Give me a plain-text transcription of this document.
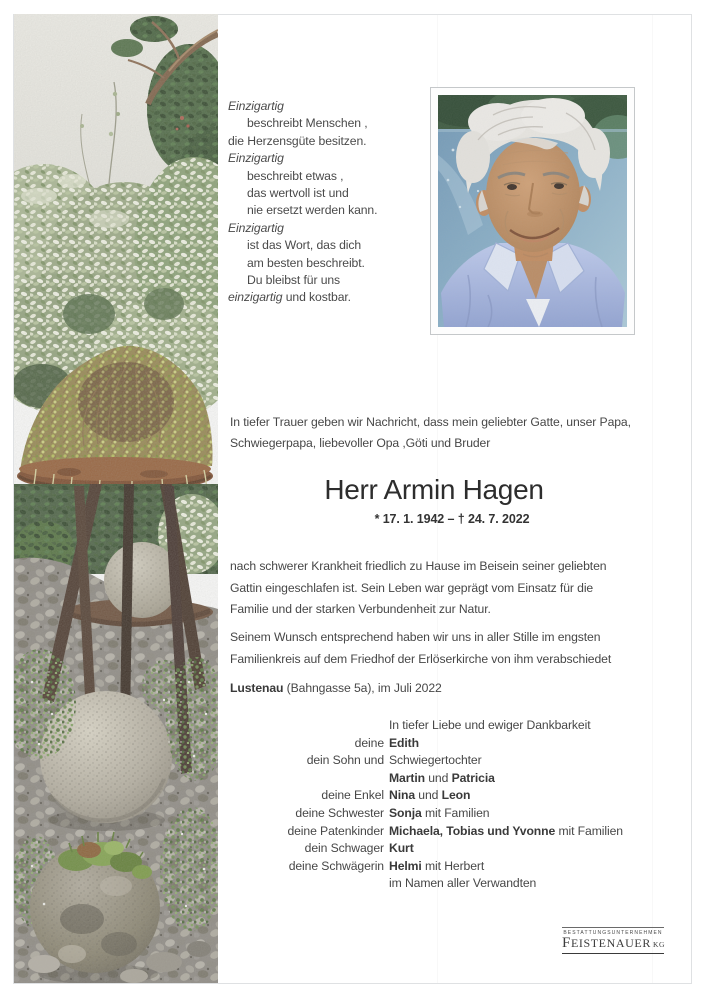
Einzigartig
beschreibt Menschen ,
die Herzensgüte besitzen.
Einzigartig
beschreibt etwas ,
das wertvoll ist und
nie ersetzt werden kann.
Einzigartig
ist das Wort, das dich
am besten beschreibt.
Du bleibst für uns
einzigartig und kostbar.
In tiefer Trauer geben wir Nachricht, dass mein geliebter Gatte, unser Papa,
Schwiegerpapa, liebevoller Opa ,Göti und Bruder
Herr Armin Hagen
* 17. 1. 1942 – † 24. 7. 2022
nach schwerer Krankheit friedlich zu Hause im Beisein seiner geliebten
Gattin eingeschlafen ist. Sein Leben war geprägt vom Einsatz für die
Familie und der starken Verbundenheit zur Natur.
Seinem Wunsch entsprechend haben wir uns in aller Stille im engsten
Familienkreis auf dem Friedhof der Erlöserkirche von ihm verabschiedet
Lustenau (Bahngasse 5a), im Juli 2022
In tiefer Liebe und ewiger Dankbarkeit
deine Edith
dein Sohn und Schwiegertochter
Martin und Patricia
deine Enkel Nina und Leon
deine Schwester Sonja mit Familien
deine Patenkinder Michaela, Tobias und Yvonne mit Familien
dein Schwager Kurt
deine Schwägerin Helmi mit Herbert
im Namen aller Verwandten
BESTATTUNGSUNTERNEHMEN
FEISTENAUER KG
